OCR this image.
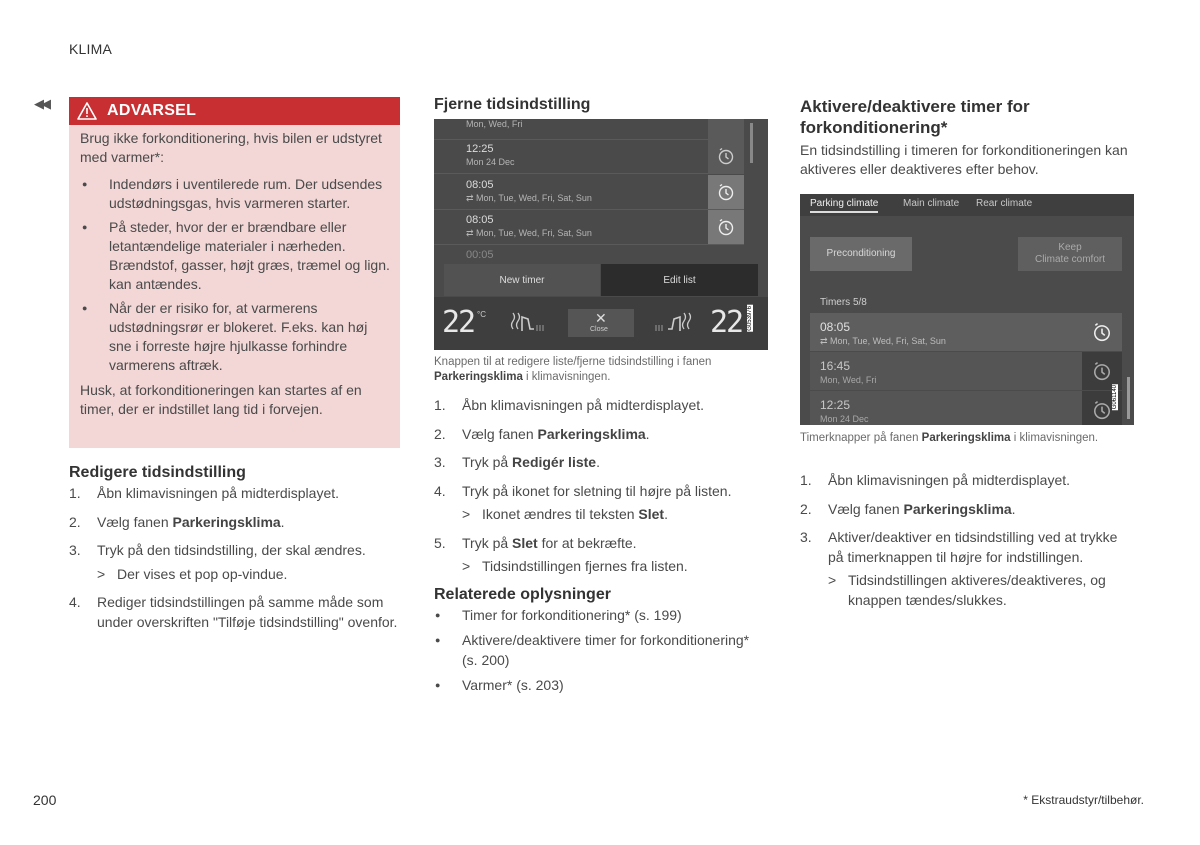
KLIMA
◀◀	ADVARSEL

Brug ikke forkonditionering, hvis bilen er udstyret med varmer*:

● Indendørs i uventilerede rum. Der udsendes udstødningsgas, hvis varmeren starter.
● På steder, hvor der er brændbare eller letantændelige materialer i nærheden. Brændstof, gasser, højt græs, træmel og lign. kan antændes.
● Når der er risiko for, at varmerens udstødningsrør er blokeret. F.eks. kan høj sne i forreste højre hjulkasse forhindre varmerens aftræk.

Husk, at forkonditioneringen kan startes af en timer, der er indstillet lang tid i forvejen.

Redigere tidsindstilling
1. Åbn klimavisningen på midterdisplayet.
2. Vælg fanen Parkeringsklima.
3. Tryk på den tidsindstilling, der skal ændres.
> Der vises et pop op-vindue.
4. Rediger tidsindstillingen på samme måde som under overskriften "Tilføje tidsindstilling" ovenfor.
Fjerne tidsindstilling
Mon, Wed, Fri
12:25
Mon 24 Dec
08:05
⇄ Mon, Tue, Wed, Fri, Sat, Sun
08:05
⇄ Mon, Tue, Wed, Fri, Sat, Sun
00:05
New timer	Edit list
22 °C	✕
Close	22 G053976
Knappen til at redigere liste/fjerne tidsindstilling i fanen Parkeringsklima i klimavisningen.
1. Åbn klimavisningen på midterdisplayet.
2. Vælg fanen Parkeringsklima.
3. Tryk på Redigér liste.
4. Tryk på ikonet for sletning til højre på listen.
> Ikonet ændres til teksten Slet.
5. Tryk på Slet for at bekræfte.
> Tidsindstillingen fjernes fra listen.
Relaterede oplysninger
● Timer for forkonditionering* (s. 199)
● Aktivere/deaktivere timer for forkonditionering* (s. 200)
● Varmer* (s. 203)
Aktivere/deaktivere timer for forkonditionering*
En tidsindstilling i timeren for forkonditioneringen kan aktiveres eller deaktiveres efter behov.
Parking climate Main climate Rear climate
Preconditioning
Keep
Climate comfort
Timers 5/8
08:05
⇄ Mon, Tue, Wed, Fri, Sat, Sun
16:45
Mon, Wed, Fri
12:25
Mon 24 Dec
G061140
Timerknapper på fanen Parkeringsklima i klimavisningen.
1. Åbn klimavisningen på midterdisplayet.
2. Vælg fanen Parkeringsklima.
3. Aktiver/deaktiver en tidsindstilling ved at trykke på timerknappen til højre for indstillingen.
> Tidsindstillingen aktiveres/deaktiveres, og knappen tændes/slukkes.
200	* Ekstraudstyr/tilbehør.
